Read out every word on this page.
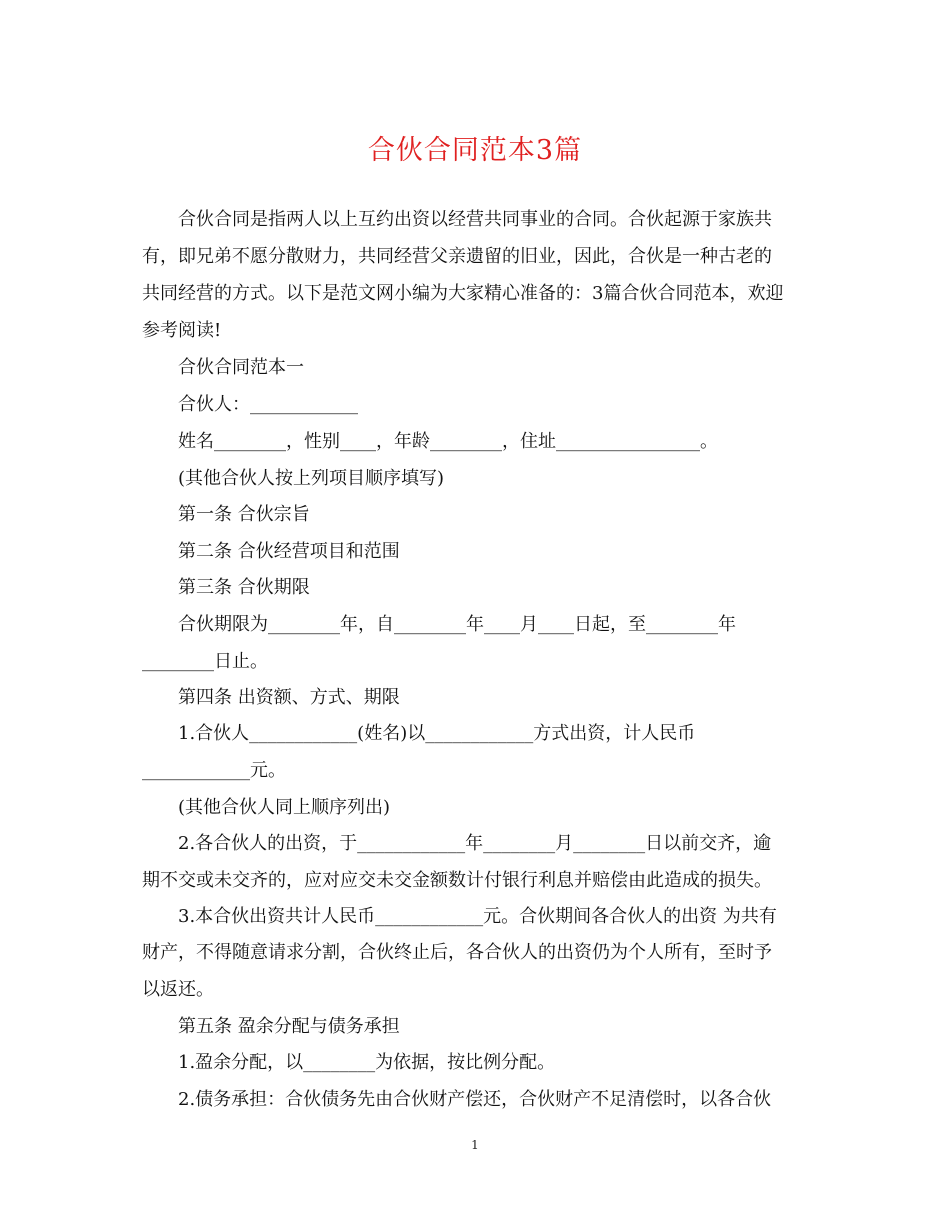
合伙合同范本3篇
　　合伙合同是指两人以上互约出资以经营共同事业的合同。合伙起源于家族共
有，即兄弟不愿分散财力，共同经营父亲遗留的旧业，因此，合伙是一种古老的
共同经营的方式。以下是范文网小编为大家精心准备的：3篇合伙合同范本，欢迎
参考阅读!
　　合伙合同范本一
　　合伙人：____________
　　姓名________，性别____，年龄________，住址________________。
　　(其他合伙人按上列项目顺序填写)
　　第一条 合伙宗旨
　　第二条 合伙经营项目和范围
　　第三条 合伙期限
　　合伙期限为________年，自________年____月____日起，至________年
________日止。
　　第四条 出资额、方式、期限
　　1.合伙人____________(姓名)以____________方式出资，计人民币
____________元。
　　(其他合伙人同上顺序列出)
　　2.各合伙人的出资，于____________年________月________日以前交齐，逾
期不交或未交齐的，应对应交未交金额数计付银行利息并赔偿由此造成的损失。
　　3.本合伙出资共计人民币____________元。合伙期间各合伙人的出资 为共有
财产，不得随意请求分割，合伙终止后，各合伙人的出资仍为个人所有，至时予
以返还。
　　第五条 盈余分配与债务承担
　　1.盈余分配，以________为依据，按比例分配。
　　2.债务承担：合伙债务先由合伙财产偿还，合伙财产不足清偿时，以各合伙
1
